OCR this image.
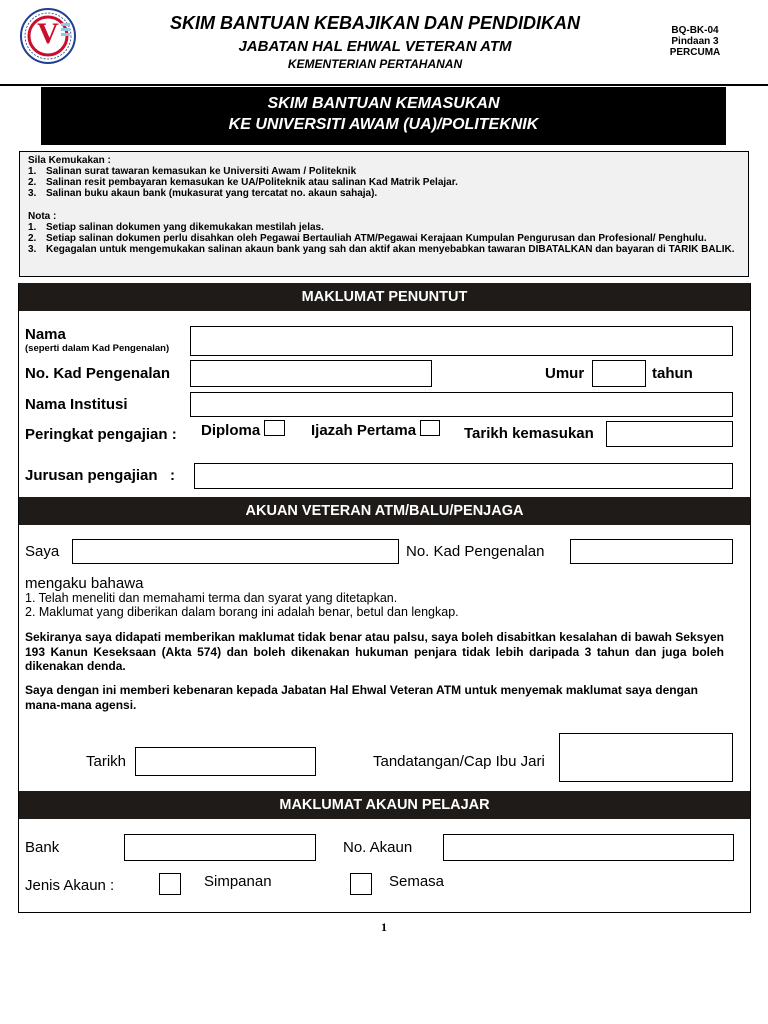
V	SKIM BANTUAN KEBAJIKAN DAN PENDIDIKAN
JABATAN HAL EHWAL VETERAN ATM
KEMENTERIAN PERTAHANAN
BQ-BK-04
Pindaan 3
PERCUMA
SKIM BANTUAN KEMASUKAN
KE UNIVERSITI AWAM (UA)/POLITEKNIK
Sila Kemukakan :
1. Salinan surat tawaran kemasukan ke Universiti Awam / Politeknik
2. Salinan resit pembayaran kemasukan ke UA/Politeknik atau salinan Kad Matrik Pelajar.
3. Salinan buku akaun bank (mukasurat yang tercatat no. akaun sahaja).
Nota :
1. Setiap salinan dokumen yang dikemukakan mestilah jelas.
2. Setiap salinan dokumen perlu disahkan oleh Pegawai Bertauliah ATM/Pegawai Kerajaan Kumpulan Pengurusan dan Profesional/ Penghulu.
3. Kegagalan untuk mengemukakan salinan akaun bank yang sah dan aktif akan menyebabkan tawaran DIBATALKAN dan bayaran di TARIK BALIK.
MAKLUMAT PENUNTUT
Nama
(seperti dalam Kad Pengenalan)
No. Kad Pengenalan	Umur	tahun
Nama Institusi
Peringkat pengajian : Diploma	Ijazah Pertama	Tarikh kemasukan
Jurusan pengajian   :
AKUAN VETERAN ATM/BALU/PENJAGA
Saya	No. Kad Pengenalan
mengaku bahawa
1. Telah meneliti dan memahami terma dan syarat yang ditetapkan.
2. Maklumat yang diberikan dalam borang ini adalah benar, betul dan lengkap.
Sekiranya saya didapati memberikan maklumat tidak benar atau palsu, saya boleh disabitkan kesalahan di bawah Seksyen 193 Kanun Keseksaan (Akta 574) dan boleh dikenakan hukuman penjara tidak lebih daripada 3 tahun dan juga boleh dikenakan denda.
Saya dengan ini memberi kebenaran kepada Jabatan Hal Ehwal Veteran ATM untuk menyemak maklumat saya dengan mana-mana agensi.
Tarikh	Tandatangan/Cap Ibu Jari
MAKLUMAT AKAUN PELAJAR
Bank	No. Akaun
Jenis Akaun :	Simpanan	Semasa
1
